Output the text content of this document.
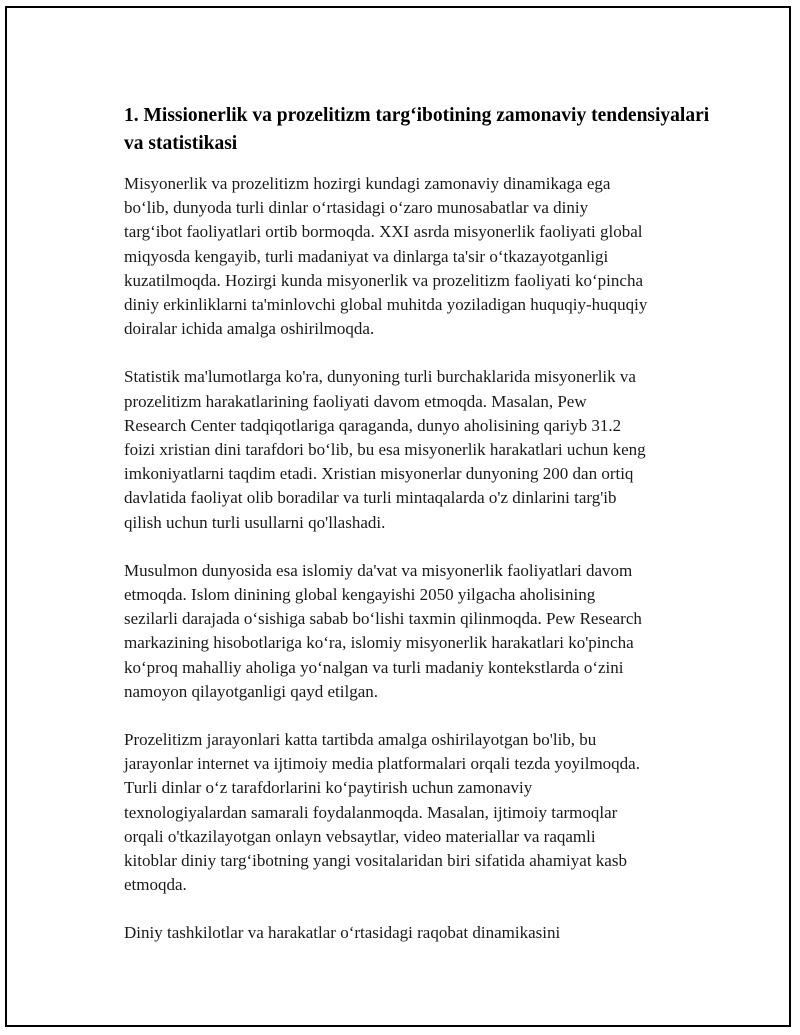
1. Missionerlik va prozelitizm targ‘ibotining zamonaviy tendensiyalari va statistikasi

Misyonerlik va prozelitizm hozirgi kundagi zamonaviy dinamikaga ega
bo‘lib, dunyoda turli dinlar o‘rtasidagi o‘zaro munosabatlar va diniy
targ‘ibot faoliyatlari ortib bormoqda. XXI asrda misyonerlik faoliyati global
miqyosda kengayib, turli madaniyat va dinlarga ta'sir o‘tkazayotganligi
kuzatilmoqda. Hozirgi kunda misyonerlik va prozelitizm faoliyati ko‘pincha
diniy erkinliklarni ta'minlovchi global muhitda yoziladigan huquqiy-huquqiy
doiralar ichida amalga oshirilmoqda.

Statistik ma'lumotlarga ko'ra, dunyoning turli burchaklarida misyonerlik va
prozelitizm harakatlarining faoliyati davom etmoqda. Masalan, Pew
Research Center tadqiqotlariga qaraganda, dunyo aholisining qariyb 31.2
foizi xristian dini tarafdori bo‘lib, bu esa misyonerlik harakatlari uchun keng
imkoniyatlarni taqdim etadi. Xristian misyonerlar dunyoning 200 dan ortiq
davlatida faoliyat olib boradilar va turli mintaqalarda o'z dinlarini targ'ib
qilish uchun turli usullarni qo'llashadi.

Musulmon dunyosida esa islomiy da'vat va misyonerlik faoliyatlari davom
etmoqda. Islom dinining global kengayishi 2050 yilgacha aholisining
sezilarli darajada o‘sishiga sabab bo‘lishi taxmin qilinmoqda. Pew Research
markazining hisobotlariga ko‘ra, islomiy misyonerlik harakatlari ko'pincha
ko‘proq mahalliy aholiga yo‘nalgan va turli madaniy kontekstlarda o‘zini
namoyon qilayotganligi qayd etilgan.

Prozelitizm jarayonlari katta tartibda amalga oshirilayotgan bo'lib, bu
jarayonlar internet va ijtimoiy media platformalari orqali tezda yoyilmoqda.
Turli dinlar o‘z tarafdorlarini ko‘paytirish uchun zamonaviy
texnologiyalardan samarali foydalanmoqda. Masalan, ijtimoiy tarmoqlar
orqali o'tkazilayotgan onlayn vebsaytlar, video materiallar va raqamli
kitoblar diniy targ‘ibotning yangi vositalaridan biri sifatida ahamiyat kasb
etmoqda.

Diniy tashkilotlar va harakatlar o‘rtasidagi raqobat dinamikasini
